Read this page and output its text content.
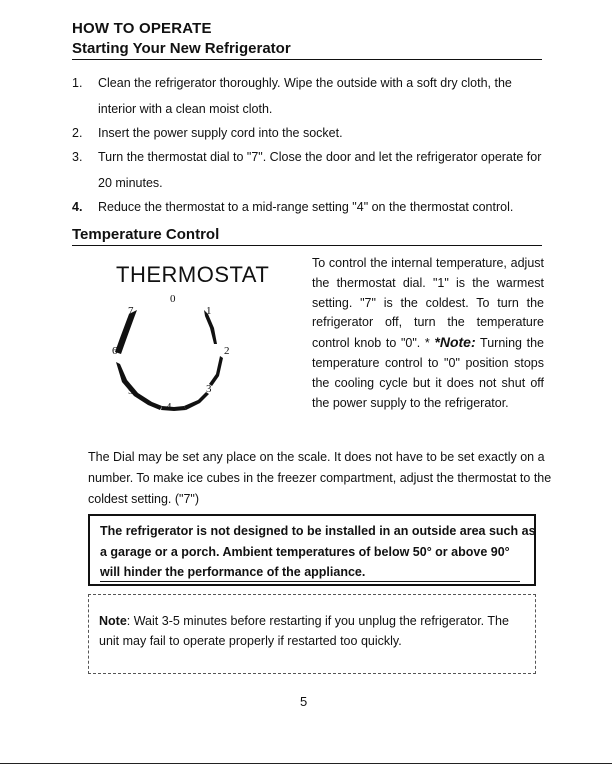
HOW TO OPERATE
Starting Your New Refrigerator
1.	Clean the refrigerator thoroughly. Wipe the outside with a soft dry cloth, the interior with a clean moist cloth.
2.	Insert the power supply cord into the socket.
3.	Turn the thermostat dial to "7". Close the door and let the refrigerator operate for 20 minutes.
4.	Reduce the thermostat to a mid-range setting "4" on the thermostat control.
Temperature Control
THERMOSTAT
0
1
2
3
4
5
6
7
To control the internal temperature, adjust the thermostat dial. "1" is the warmest setting. "7" is the coldest. To turn the refrigerator off, turn the temperature control knob to "0". * *Note: Turning the temperature control to "0" position stops the cooling cycle but it does not shut off the power supply to the refrigerator.
The Dial may be set any place on the scale. It does not have to be set exactly on a number. To make ice cubes in the freezer compartment, adjust the thermostat to the coldest setting. ("7")
The refrigerator is not designed to be installed in an outside area such as
a garage or a porch. Ambient temperatures of below 50° or above 90°
will hinder the performance of the appliance.
Note: Wait 3-5 minutes before restarting if you unplug the refrigerator. The unit may fail to operate properly if restarted too quickly.
5
